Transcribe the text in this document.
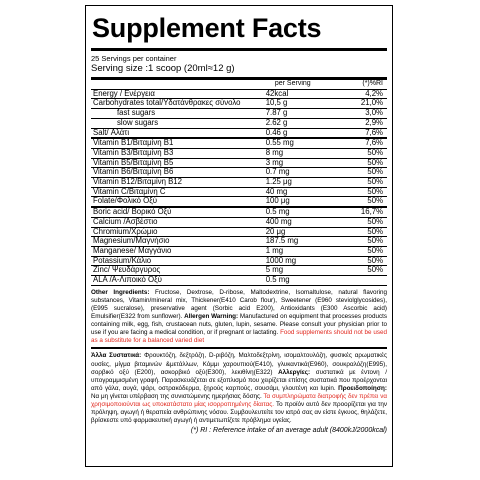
Supplement Facts
25 Servings per container
Serving size :1 scoop (20ml≈12 g)
	per Serving	(*)%RI
Energy / Ενέργεια	42kcal	4,2%
Carbohydrates total/Υδατάνθρακες σύνολο	10,5 g	21,0%
fast sugars	7.87 g	3,0%
slow sugars	2.62 g	2,9%
Salt/ Αλάτι	0.46 g	7,6%
Vitamin B1/Βιταμίνη B1	0.55 mg	7,6%
Vitamin B3/Βιταμίνη B3	8 mg	50%
Vitamin B5/Βιταμίνη B5	3 mg	50%
Vitamin B6/Βιταμίνη B6	0.7 mg	50%
Vitamin B12/Βιταμίνη B12	1.25 μg	50%
Vitamin C/Βιταμίνη C	40 mg	50%
Folate/Φολικό Οξύ	100 μg	50%
Boric acid/ Βορικό Οξύ	0.5 mg	16,7%
Calcium /Ασβέστιο	400 mg	50%
Chromium/Χρώμιο	20 μg	50%
Magnesium/Μαγνήσιο	187.5 mg	50%
Manganese/ Μαγγάνιο	1 mg	50%
Potassium/Κάλιο	1000 mg	50%
Zinc/ Ψευδάργυρος	5 mg	50%
ALA /Α-Λιποικό Οξύ	0.5 mg	
Other Ingredients: Fructose, Dextrose, D-ribose, Maltodextrine, Isomaltulose, natural flavoring substances, Vitamin/mineral mix, Thickener(E410 Carob flour), Sweetener (E960 steviolglycosides), (E995 sucralose), preservative agent (Sorbic acid E200), Antioxidants (E300 Ascorbic acid) Emulsifier(E322 from sunflower). Allergen Warning: Manufactured on equipment that processes products containing milk, egg, fish, crustacean nuts, gluten, lupin, sesame. Please consult your physician prior to use if you are facing a medical condition, or if pregnant or lactating. Food supplements should not be used as a substitute for a balanced varied diet
Άλλα Συστατικά: Φρουκτόζη, δεξτρόζη, D-ριβόζη, Μαλτοδεξτρίνη, ισομαλτουλόζη, φυσικές αρωματικές ουσίες, μίγμα βιταμινών &μετάλλων, Κόμμι χαρουπιού(E410), γλυκαντικά(E960), σουκραλόζη(E995), σορβικό οξύ (E200), ασκορβικό οξύ(E300), λεκιθίνη(E322) Αλλεργίες: συστατικά με έντονη / υπογραμμισμένη γραφή. Παρασκευάζεται σε εξοπλισμό που χειρίζεται επίσης συστατικά που προέρχονται από γάλα, αυγά, ψάρι, οστρακόδερμα, ξηρούς καρπούς, σουσάμι, γλουτένη και lupin. Προειδοποίηση: Να μη γίνεται υπέρβαση της συνιστώμενης ημερήσιας δόσης. Τα συμπληρώματα διατροφής δεν πρέπει να χρησιμοποιούνται ως υποκατάστατο μίας ισορροπημένης δίαιτας. Το προϊόν αυτό δεν προορίζεται για την πρόληψη, αγωγή ή θεραπεία ανθρώπινης νόσου. Συμβουλευτείτε τον ιατρό σας αν είστε έγκυος, θηλάζετε, βρίσκεστε υπό φαρμακευτική αγωγή ή αντιμετωπίζετε πρόβλημα υγείας.
(*) RI : Reference intake of an average adult (8400kJ/2000kcal)
